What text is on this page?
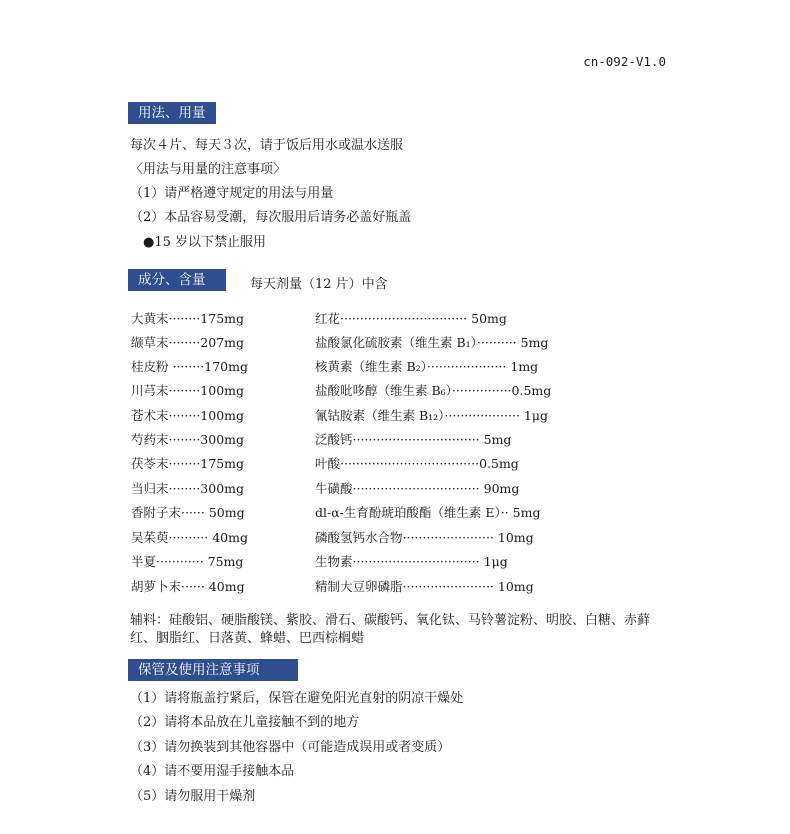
cn-092-V1.0
用法、用量
每次４片、每天３次，请于饭后用水或温水送服
〈用法与用量的注意事项〉
（1）请严格遵守规定的用法与用量
（2）本品容易受潮，每次服用后请务必盖好瓶盖
●15 岁以下禁止服用
成分、含量	每天剂量（12 片）中含
大黄末········175mg	红花································ 50mg
缬草末········207mg	盐酸氯化硫胺素（维生素 B₁）·········· 5mg
桂皮粉 ········170mg	核黄素（维生素 B₂）···················· 1mg
川芎末········100mg	盐酸吡哆醇（维生素 B₆）···············0.5mg
苍术末········100mg	氰钴胺素（维生素 B₁₂）··················· 1μg
芍药末········300mg	泛酸钙································ 5mg
茯苓末········175mg	叶酸···································0.5mg
当归末········300mg	牛磺酸································ 90mg
香附子末······ 50mg	dl-α-生育酚琥珀酸酯（维生素 E）·· 5mg
吴茱萸·········· 40mg	磷酸氢钙水合物······················· 10mg
半夏············ 75mg	生物素································ 1μg
胡萝卜末······ 40mg	精制大豆卵磷脂······················· 10mg
辅料：硅酸铝、硬脂酸镁、紫胶、滑石、碳酸钙、氧化钛、马铃薯淀粉、明胶、白糖、赤藓红、胭脂红、日落黄、蜂蜡、巴西棕榈蜡
保管及使用注意事项
（1）请将瓶盖拧紧后，保管在避免阳光直射的阴凉干燥处
（2）请将本品放在儿童接触不到的地方
（3）请勿换装到其他容器中（可能造成误用或者变质）
（4）请不要用湿手接触本品
（5）请勿服用干燥剂
